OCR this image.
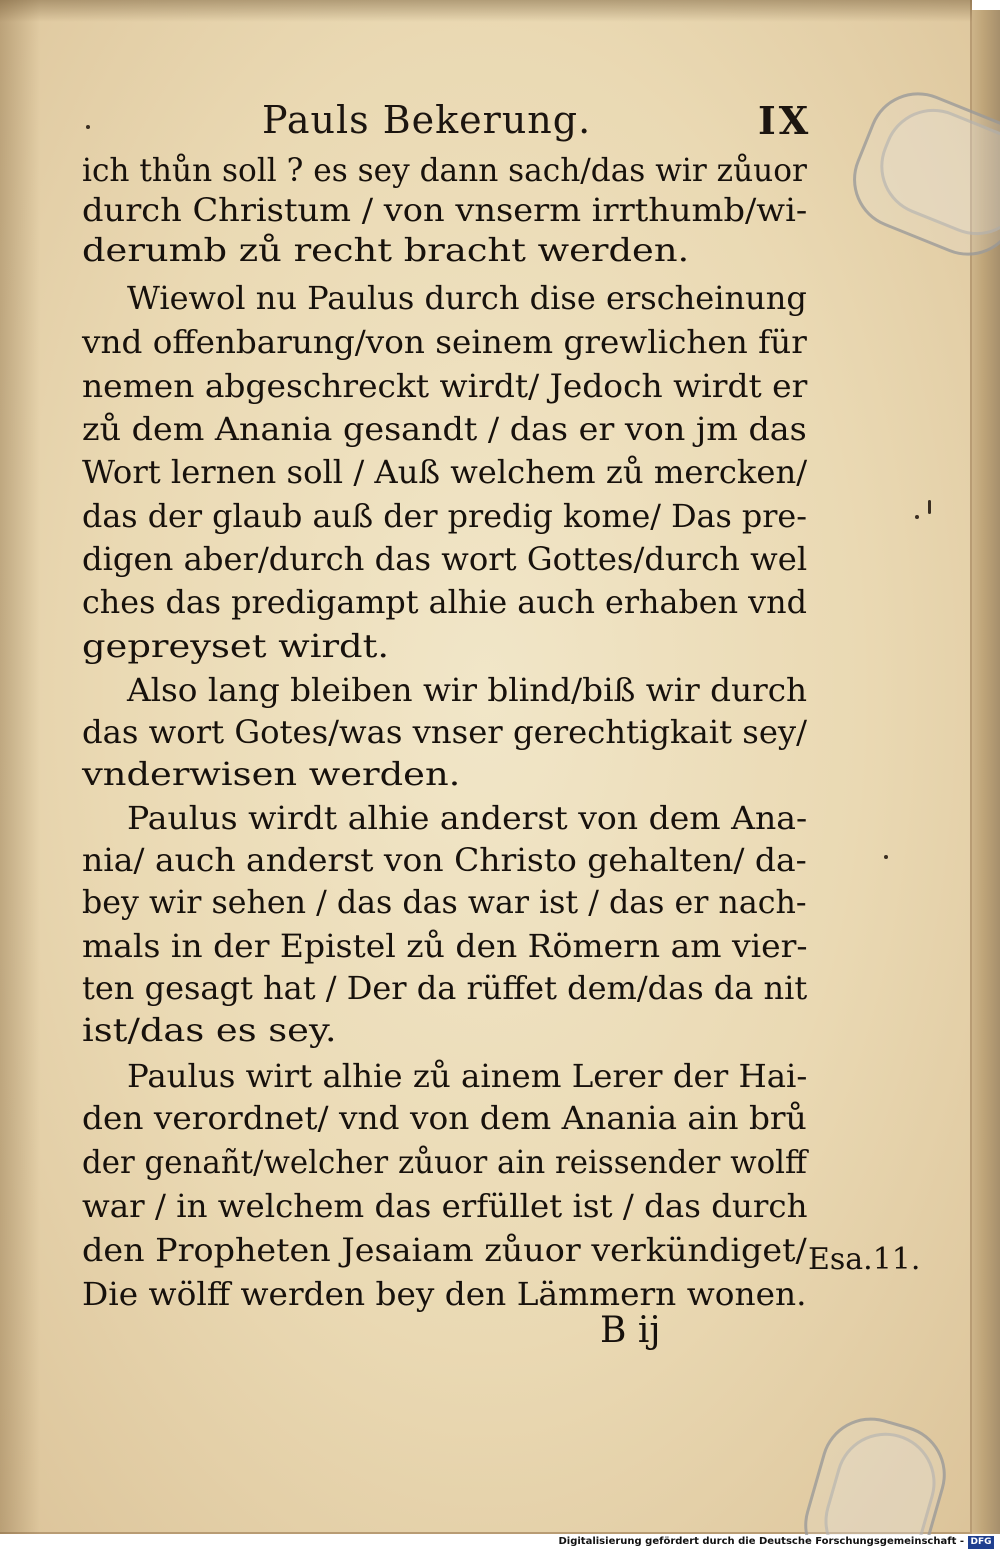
Pauls Bekerung.	IX
ich thůn soll ? es sey dann sach/das wir zůuor
durch Christum / von vnserm irrthumb/wi‑
derumb zů recht bracht werden.
Wiewol nu Paulus durch dise erscheinung
vnd offenbarung/von seinem grewlichen für
nemen abgeschreckt wirdt/ Jedoch wirdt er
zů dem Anania gesandt / das er von jm das
Wort lernen soll / Auß welchem zů mercken/
das der glaub auß der predig kome/ Das pre‑
digen aber/durch das wort Gottes/durch wel
ches das predigampt alhie auch erhaben vnd
gepreyset wirdt.
Also lang bleiben wir blind/biß wir durch
das wort Gotes/was vnser gerechtigkait sey/
vnderwisen werden.
Paulus wirdt alhie anderst von dem Ana‑
nia/ auch anderst von Christo gehalten/ da‑
bey wir sehen / das das war ist / das er nach‑
mals in der Epistel zů den Römern am vier‑
ten gesagt hat / Der da rüffet dem/das da nit
ist/das es sey.
Paulus wirt alhie zů ainem Lerer der Hai‑
den verordnet/ vnd von dem Anania ain brů
der genañt/welcher zůuor ain reissender wolff
war / in welchem das erfüllet ist / das durch
den Propheten Jesaiam zůuor verkündiget/
Die wölff werden bey den Lämmern wonen.
Esa.11.
B ij
Digitalisierung gefördert durch die Deutsche Forschungsgemeinschaft - DFG
